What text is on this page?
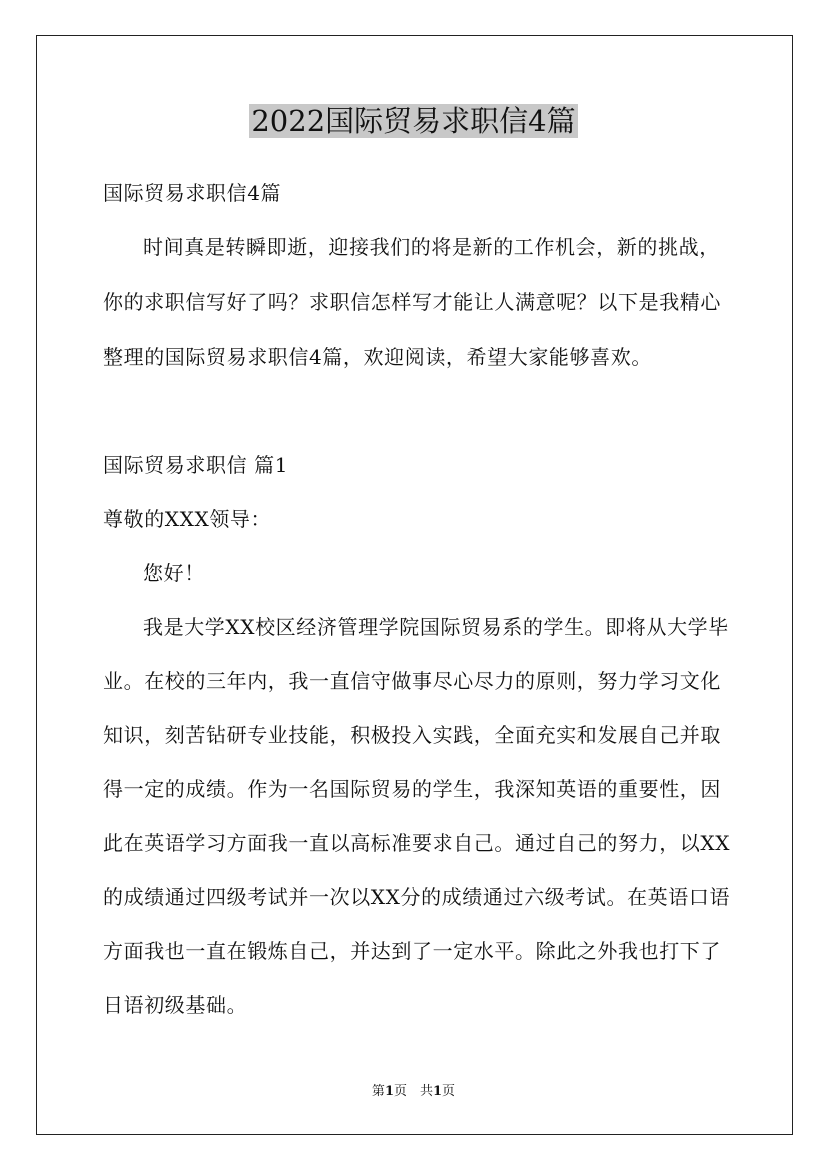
2022国际贸易求职信4篇
国际贸易求职信4篇
时间真是转瞬即逝，迎接我们的将是新的工作机会，新的挑战，
你的求职信写好了吗？求职信怎样写才能让人满意呢？以下是我精心
整理的国际贸易求职信4篇，欢迎阅读，希望大家能够喜欢。
国际贸易求职信 篇1
尊敬的XXX领导：
您好！
我是大学XX校区经济管理学院国际贸易系的学生。即将从大学毕
业。在校的三年内，我一直信守做事尽心尽力的原则，努力学习文化
知识，刻苦钻研专业技能，积极投入实践，全面充实和发展自己并取
得一定的成绩。作为一名国际贸易的学生，我深知英语的重要性，因
此在英语学习方面我一直以高标准要求自己。通过自己的努力，以XX
的成绩通过四级考试并一次以XX分的成绩通过六级考试。在英语口语
方面我也一直在锻炼自己，并达到了一定水平。除此之外我也打下了
日语初级基础。
第1页　共1页
